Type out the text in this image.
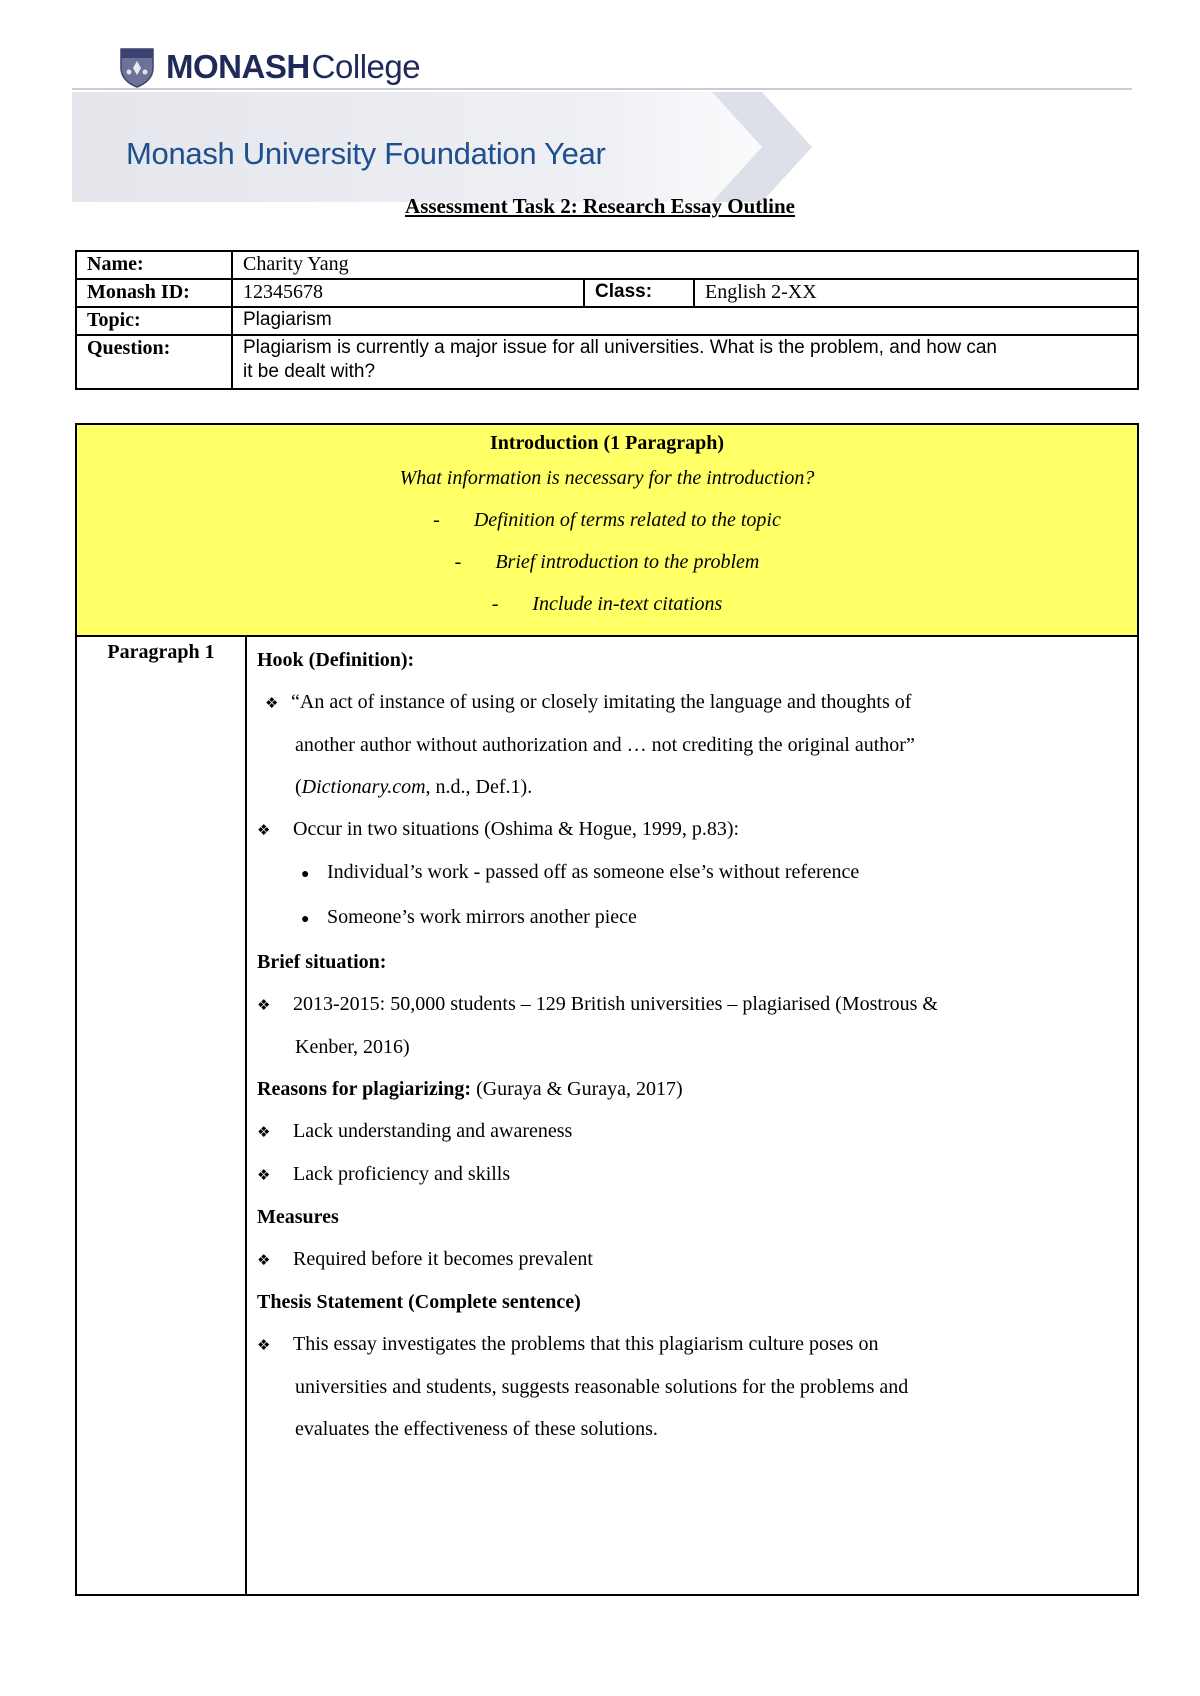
MONASH College
Monash University Foundation Year
Assessment Task 2: Research Essay Outline
Name:	Charity Yang		
Monash ID:	12345678	Class:	English 2-XX
Topic:	Plagiarism		
Question:	Plagiarism is currently a major issue for all universities. What is the problem, and how can
it be dealt with?		
Introduction (1 Paragraph)
What information is necessary for the introduction?
- Definition of terms related to the topic
- Brief introduction to the problem
- Include in-text citations

Paragraph 1	Hook (Definition):
❖ “An act of instance of using or closely imitating the language and thoughts of
another author without authorization and … not crediting the original author”
(Dictionary.com, n.d., Def.1).
❖ Occur in two situations (Oshima & Hogue, 1999, p.83):
● Individual’s work - passed off as someone else’s without reference
● Someone’s work mirrors another piece
Brief situation:
❖ 2013-2015: 50,000 students – 129 British universities – plagiarised (Mostrous &
Kenber, 2016)
Reasons for plagiarizing: (Guraya & Guraya, 2017)
❖ Lack understanding and awareness
❖ Lack proficiency and skills
Measures
❖ Required before it becomes prevalent
Thesis Statement (Complete sentence)
❖ This essay investigates the problems that this plagiarism culture poses on
universities and students, suggests reasonable solutions for the problems and
evaluates the effectiveness of these solutions.
